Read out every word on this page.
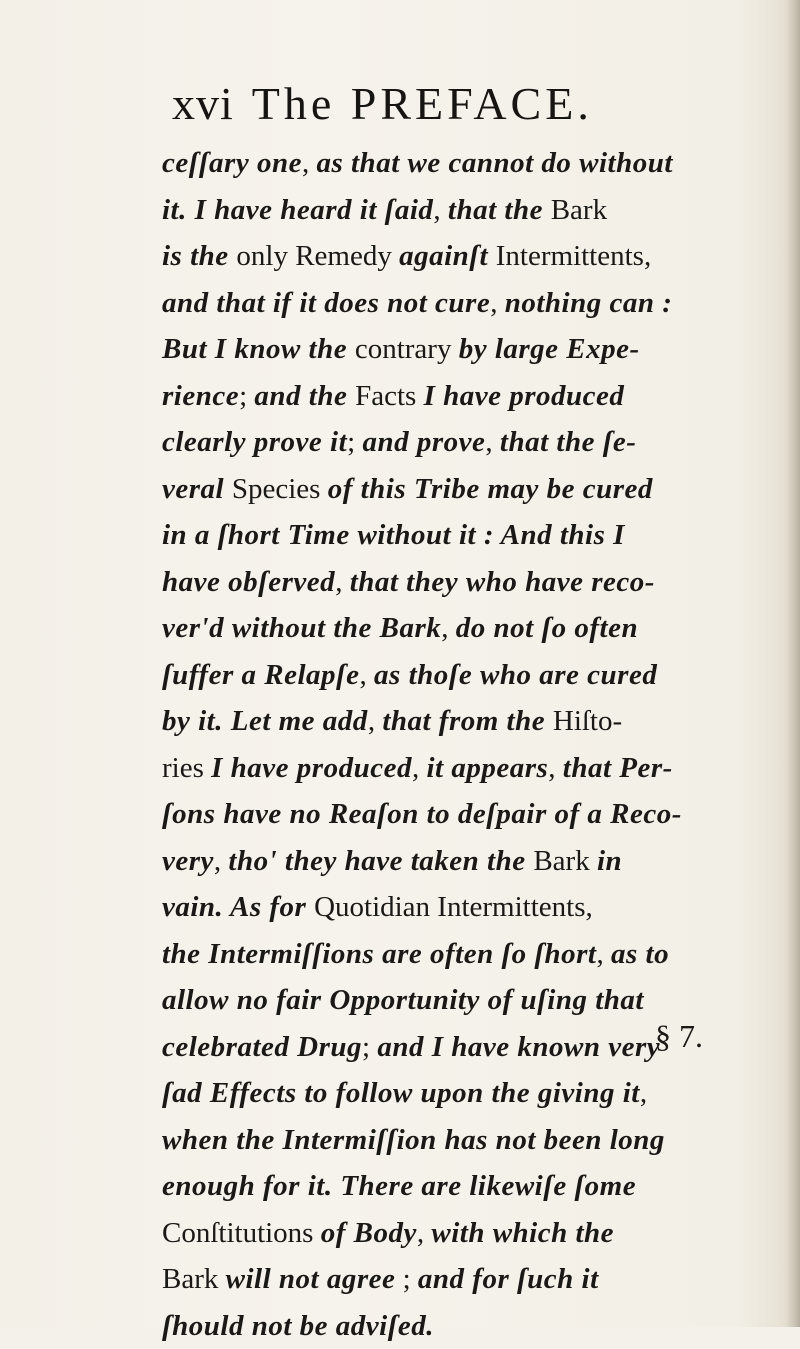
xvi The PREFACE.
ceſſary one, as that we cannot do without
it. I have heard it ſaid, that the Bark
is the only Remedy againſt Intermittents,
and that if it does not cure, nothing can :
But I know the contrary by large Expe-
rience; and the Facts I have produced
clearly prove it; and prove, that the ſe-
veral Species of this Tribe may be cured
in a ſhort Time without it : And this I
have obſerved, that they who have reco-
ver'd without the Bark, do not ſo often
ſuffer a Relapſe, as thoſe who are cured
by it. Let me add, that from the Hiſto-
ries I have produced, it appears, that Per-
ſons have no Reaſon to deſpair of a Reco-
very, tho' they have taken the Bark in
vain. As for Quotidian Intermittents,
the Intermiſſions are often ſo ſhort, as to
allow no fair Opportunity of uſing that
celebrated Drug; and I have known very
ſad Effects to follow upon the giving it,
when the Intermiſſion has not been long
enough for it. There are likewiſe ſome
Conſtitutions of Body, with which the
Bark will not agree ; and for ſuch it
ſhould not be adviſed.
§ 7.
